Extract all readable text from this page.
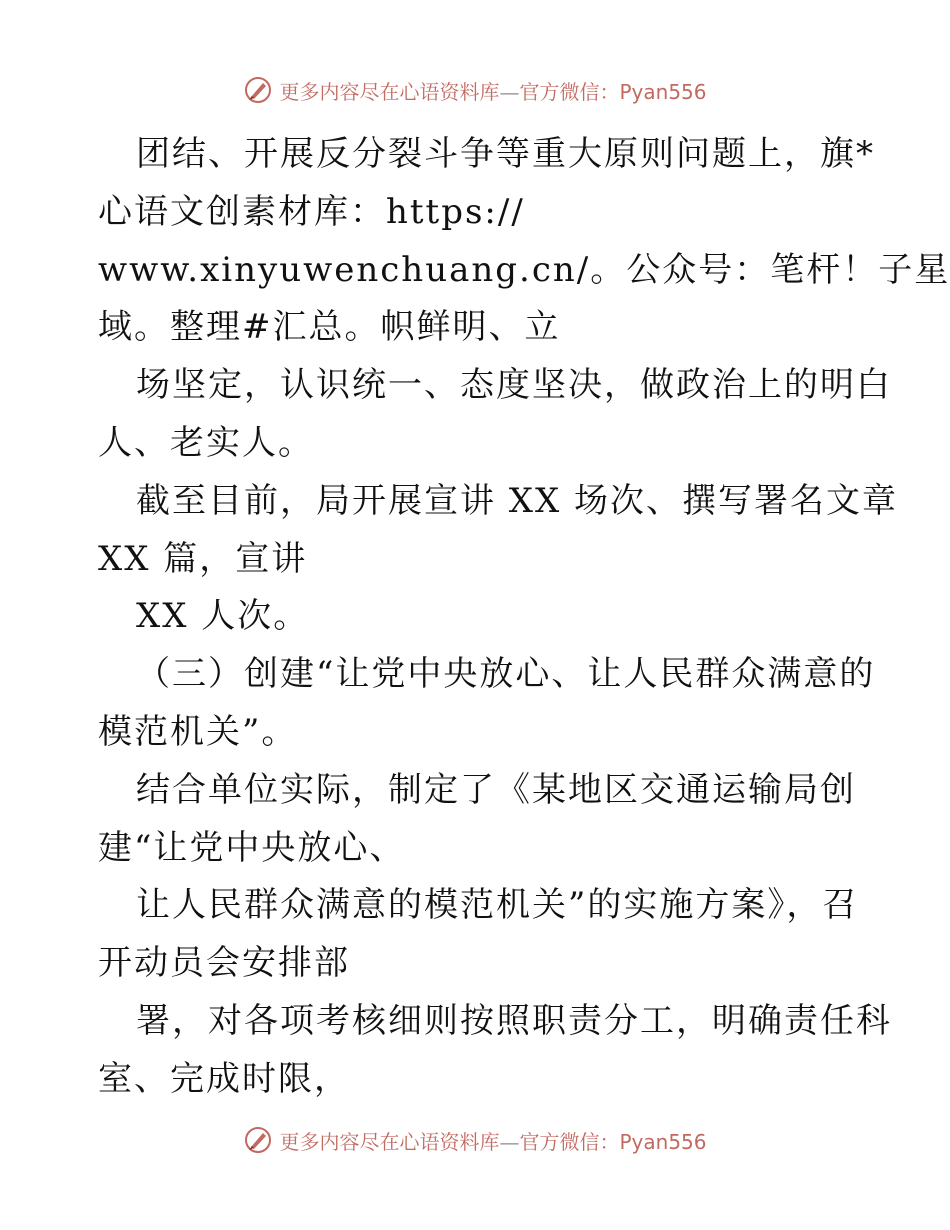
更多内容尽在心语资料库—官方微信：Pyan556
团结、开展反分裂斗争等重大原则问题上，旗*
心语文创素材库：https://
www.xinyuwenchuang.cn/。公众号：笔杆！子星
域。整理#汇总。帜鲜明、立
场坚定，认识统一、态度坚决，做政治上的明白
人、老实人。
截至目前，局开展宣讲 XX 场次、撰写署名文章
XX 篇，宣讲
XX 人次。
（三）创建“让党中央放心、让人民群众满意的
模范机关”。
结合单位实际，制定了《某地区交通运输局创
建“让党中央放心、
让人民群众满意的模范机关”的实施方案》，召
开动员会安排部
署，对各项考核细则按照职责分工，明确责任科
室、完成时限，
更多内容尽在心语资料库—官方微信：Pyan556
